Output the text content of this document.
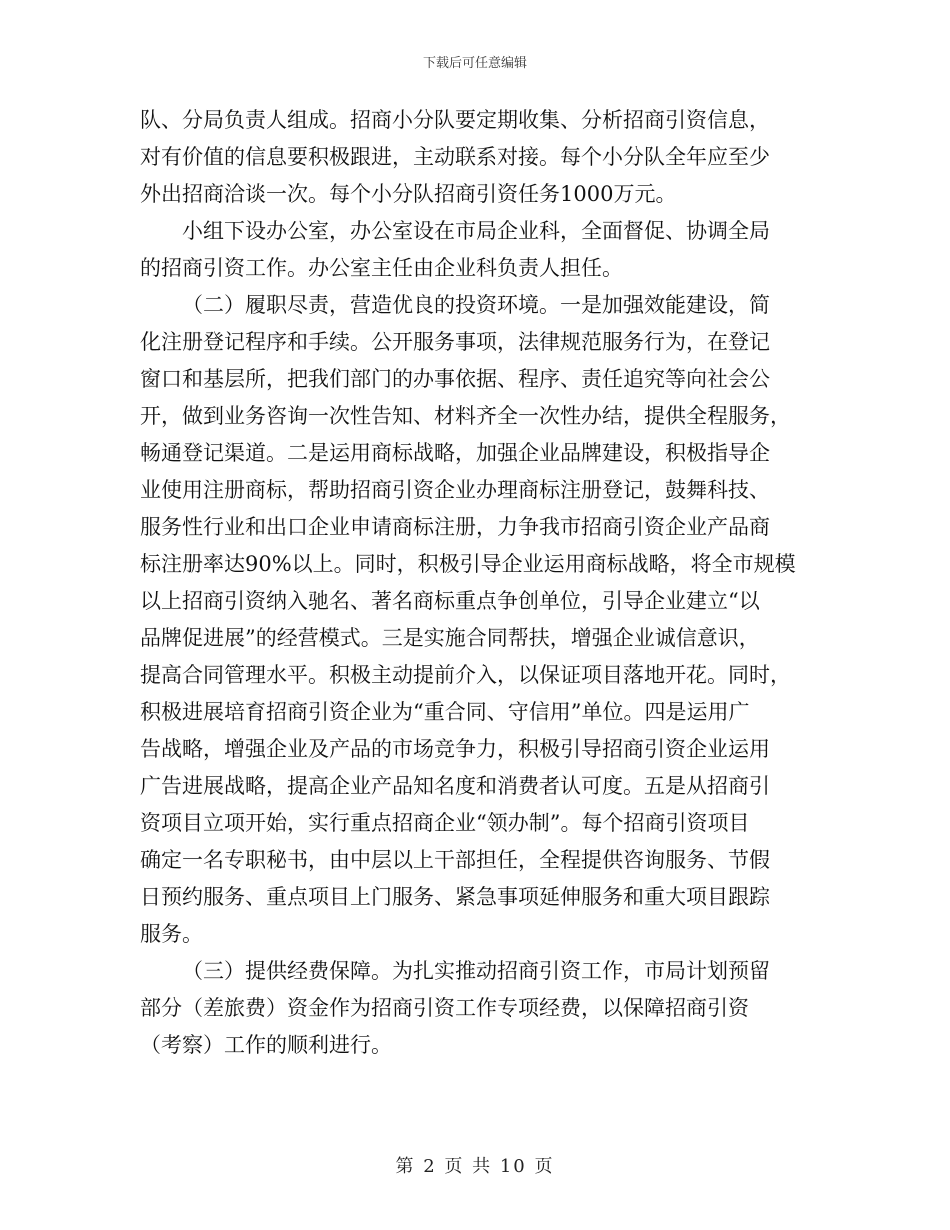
下载后可任意编辑
队、分局负责人组成。招商小分队要定期收集、分析招商引资信息，
对有价值的信息要积极跟进，主动联系对接。每个小分队全年应至少
外出招商洽谈一次。每个小分队招商引资任务1000万元。
小组下设办公室，办公室设在市局企业科，全面督促、协调全局
的招商引资工作。办公室主任由企业科负责人担任。
（二）履职尽责，营造优良的投资环境。一是加强效能建设，简
化注册登记程序和手续。公开服务事项，法律规范服务行为，在登记
窗口和基层所，把我们部门的办事依据、程序、责任追究等向社会公
开，做到业务咨询一次性告知、材料齐全一次性办结，提供全程服务，
畅通登记渠道。二是运用商标战略，加强企业品牌建设，积极指导企
业使用注册商标，帮助招商引资企业办理商标注册登记，鼓舞科技、
服务性行业和出口企业申请商标注册，力争我市招商引资企业产品商
标注册率达90%以上。同时，积极引导企业运用商标战略，将全市规模
以上招商引资纳入驰名、著名商标重点争创单位，引导企业建立“以
品牌促进展”的经营模式。三是实施合同帮扶，增强企业诚信意识，
提高合同管理水平。积极主动提前介入，以保证项目落地开花。同时，
积极进展培育招商引资企业为“重合同、守信用”单位。四是运用广
告战略，增强企业及产品的市场竞争力，积极引导招商引资企业运用
广告进展战略，提高企业产品知名度和消费者认可度。五是从招商引
资项目立项开始，实行重点招商企业“领办制”。每个招商引资项目
确定一名专职秘书，由中层以上干部担任，全程提供咨询服务、节假
日预约服务、重点项目上门服务、紧急事项延伸服务和重大项目跟踪
服务。
（三）提供经费保障。为扎实推动招商引资工作，市局计划预留
部分（差旅费）资金作为招商引资工作专项经费，以保障招商引资
（考察）工作的顺利进行。
第 2 页 共 10 页
